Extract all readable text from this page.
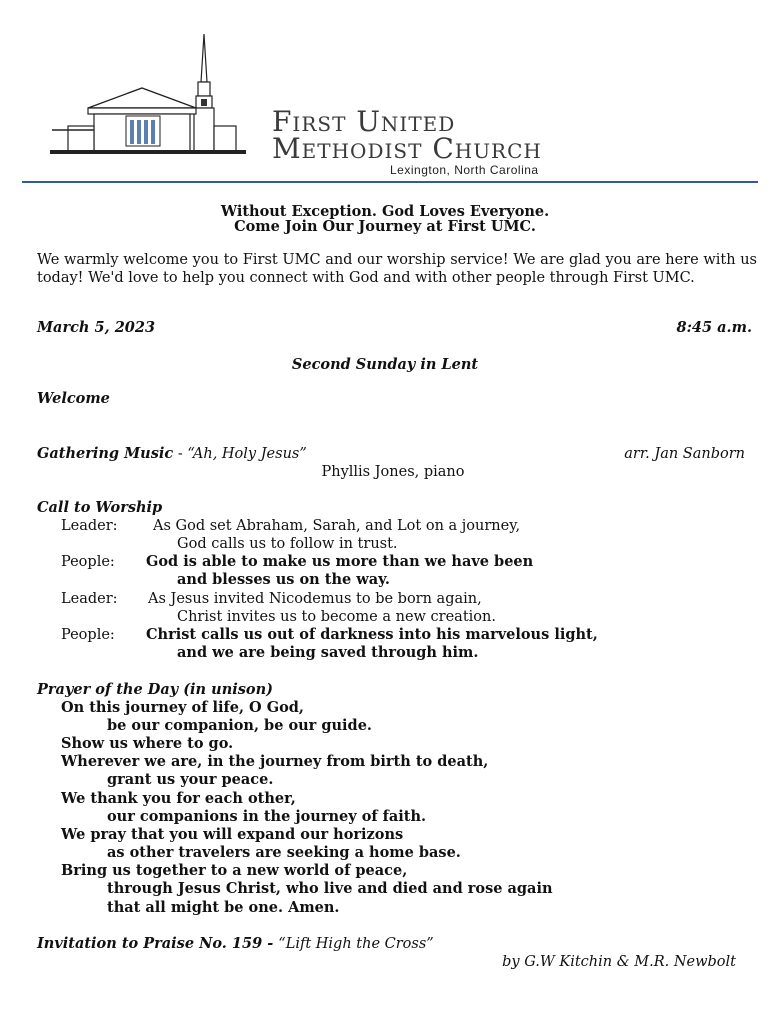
First United
Methodist Church
Lexington, North Carolina
Without Exception. God Loves Everyone.
Come Join Our Journey at First UMC.
We warmly welcome you to First UMC and our worship service! We are glad you are here with us today! We'd love to help you connect with God and with other people through First UMC.
March 5, 2023	8:45 a.m.
Second Sunday in Lent
Welcome
Gathering Music - “Ah, Holy Jesus”	arr. Jan Sanborn
Phyllis Jones, piano
Call to Worship
Leader: As God set Abraham, Sarah, and Lot on a journey,
God calls us to follow in trust.
People: God is able to make us more than we have been
and blesses us on the way.
Leader: As Jesus invited Nicodemus to be born again,
Christ invites us to become a new creation.
People: Christ calls us out of darkness into his marvelous light,
and we are being saved through him.
Prayer of the Day (in unison)
On this journey of life, O God,
be our companion, be our guide.
Show us where to go.
Wherever we are, in the journey from birth to death,
grant us your peace.
We thank you for each other,
our companions in the journey of faith.
We pray that you will expand our horizons
as other travelers are seeking a home base.
Bring us together to a new world of peace,
through Jesus Christ, who live and died and rose again
that all might be one. Amen.
Invitation to Praise No. 159 - “Lift High the Cross”
by G.W Kitchin & M.R. Newbolt
